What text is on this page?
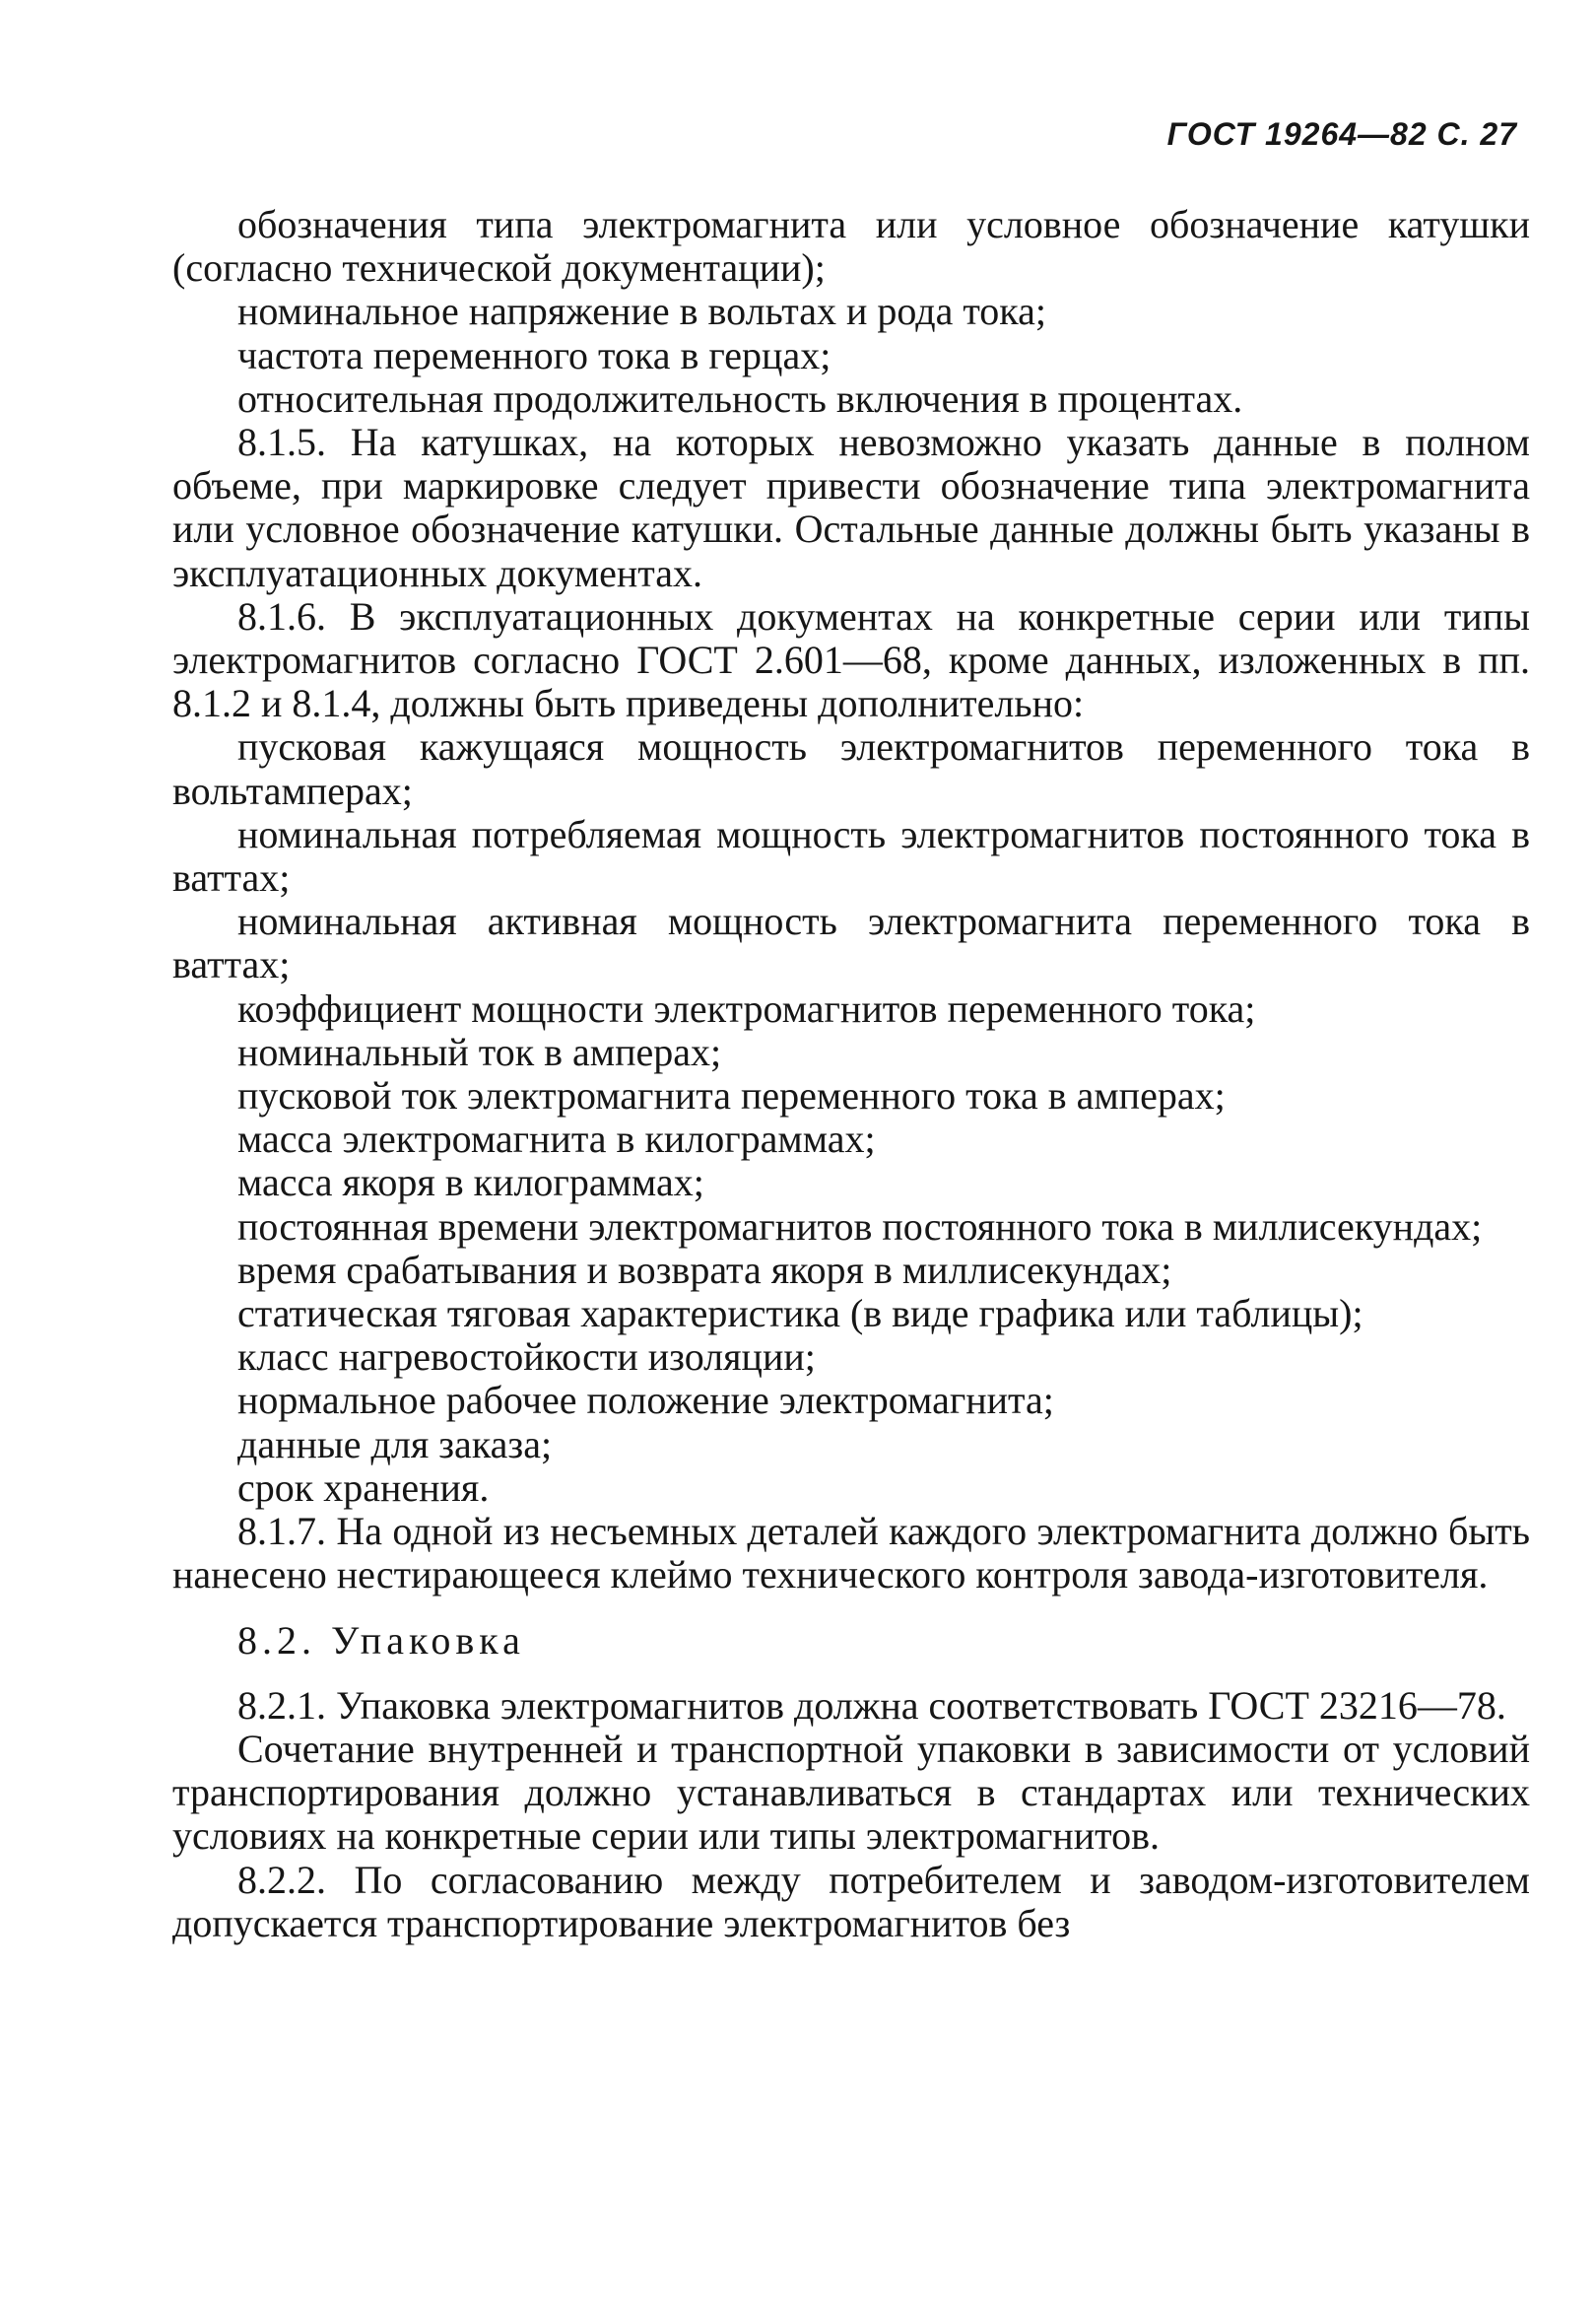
ГОСТ 19264—82 С. 27

обозначения типа электромагнита или условное обозначение катушки (согласно технической документации);

номинальное напряжение в вольтах и рода тока;

частота переменного тока в герцах;

относительная продолжительность включения в процентах.

8.1.5. На катушках, на которых невозможно указать данные в полном объеме, при маркировке следует привести обозначение типа электромагнита или условное обозначение катушки. Остальные данные должны быть указаны в эксплуатационных документах.

8.1.6. В эксплуатационных документах на конкретные серии или типы электромагнитов согласно ГОСТ 2.601—68, кроме данных, изложенных в пп. 8.1.2 и 8.1.4, должны быть приведены дополнительно:

пусковая кажущаяся мощность электромагнитов переменного тока в вольтамперах;

номинальная потребляемая мощность электромагнитов постоянного тока в ваттах;

номинальная активная мощность электромагнита переменного тока в ваттах;

коэффициент мощности электромагнитов переменного тока;

номинальный ток в амперах;

пусковой ток электромагнита переменного тока в амперах;

масса электромагнита в килограммах;

масса якоря в килограммах;

постоянная времени электромагнитов постоянного тока в миллисекундах;

время срабатывания и возврата якоря в миллисекундах;

статическая тяговая характеристика (в виде графика или таблицы);

класс нагревостойкости изоляции;

нормальное рабочее положение электромагнита;

данные для заказа;

срок хранения.

8.1.7. На одной из несъемных деталей каждого электромагнита должно быть нанесено нестирающееся клеймо технического контроля завода-изготовителя.

8.2. Упаковка

8.2.1. Упаковка электромагнитов должна соответствовать ГОСТ 23216—78.

Сочетание внутренней и транспортной упаковки в зависимости от условий транспортирования должно устанавливаться в стандартах или технических условиях на конкретные серии или типы электромагнитов.

8.2.2. По согласованию между потребителем и заводом-изготовителем допускается транспортирование электромагнитов без
